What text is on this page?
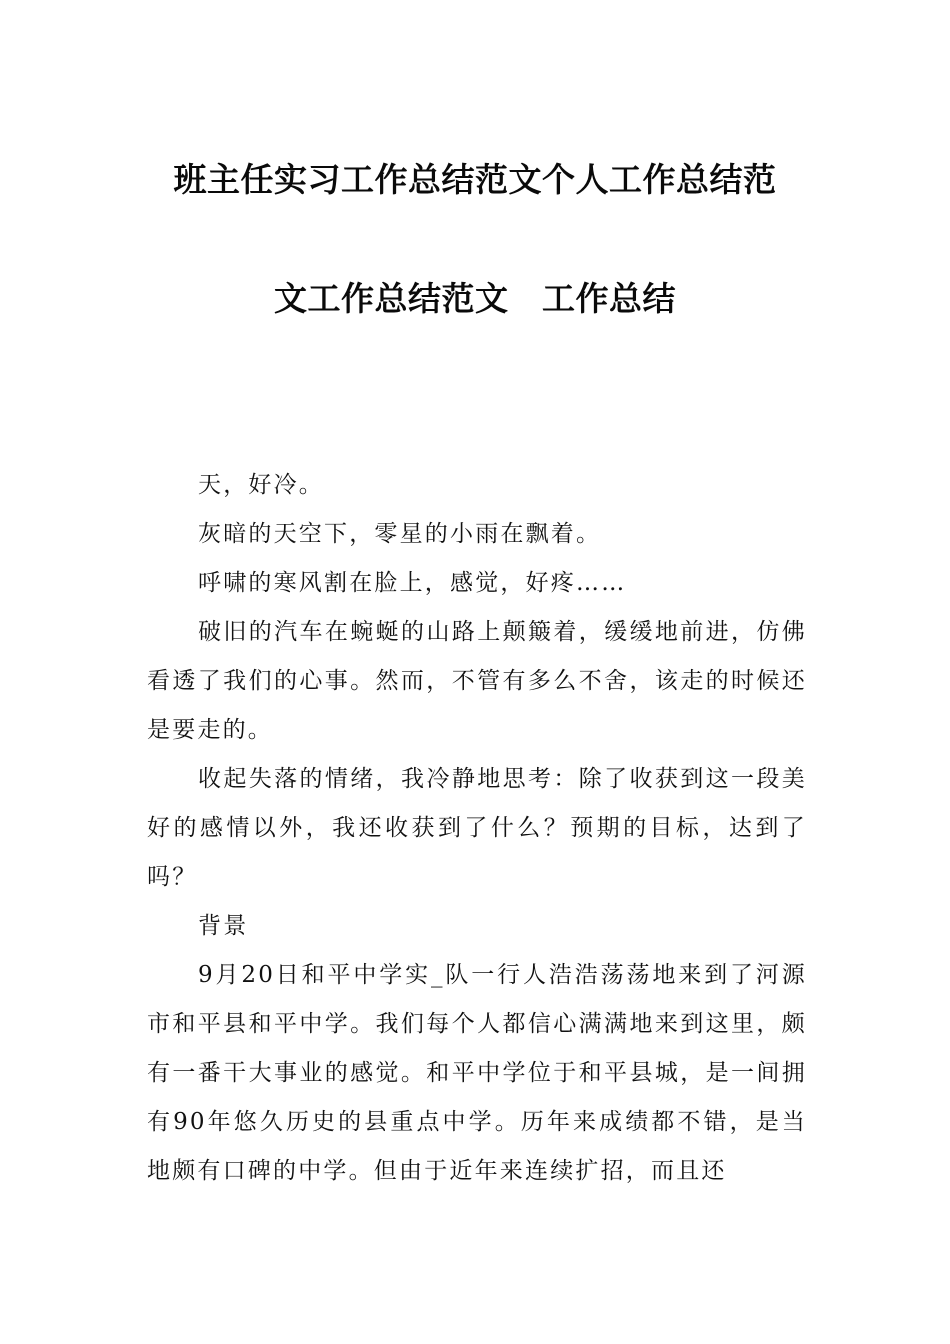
班主任实习工作总结范文个人工作总结范
文工作总结范文　工作总结

天，好冷。

灰暗的天空下，零星的小雨在飘着。

呼啸的寒风割在脸上，感觉，好疼……

破旧的汽车在蜿蜒的山路上颠簸着，缓缓地前进，仿佛看透了我们的心事。然而，不管有多么不舍，该走的时候还是要走的。

收起失落的情绪，我冷静地思考：除了收获到这一段美好的感情以外，我还收获到了什么？预期的目标，达到了吗？

背景

9月20日和平中学实_队一行人浩浩荡荡地来到了河源市和平县和平中学。我们每个人都信心满满地来到这里，颇有一番干大事业的感觉。和平中学位于和平县城，是一间拥有90年悠久历史的县重点中学。历年来成绩都不错，是当地颇有口碑的中学。但由于近年来连续扩招，而且还
